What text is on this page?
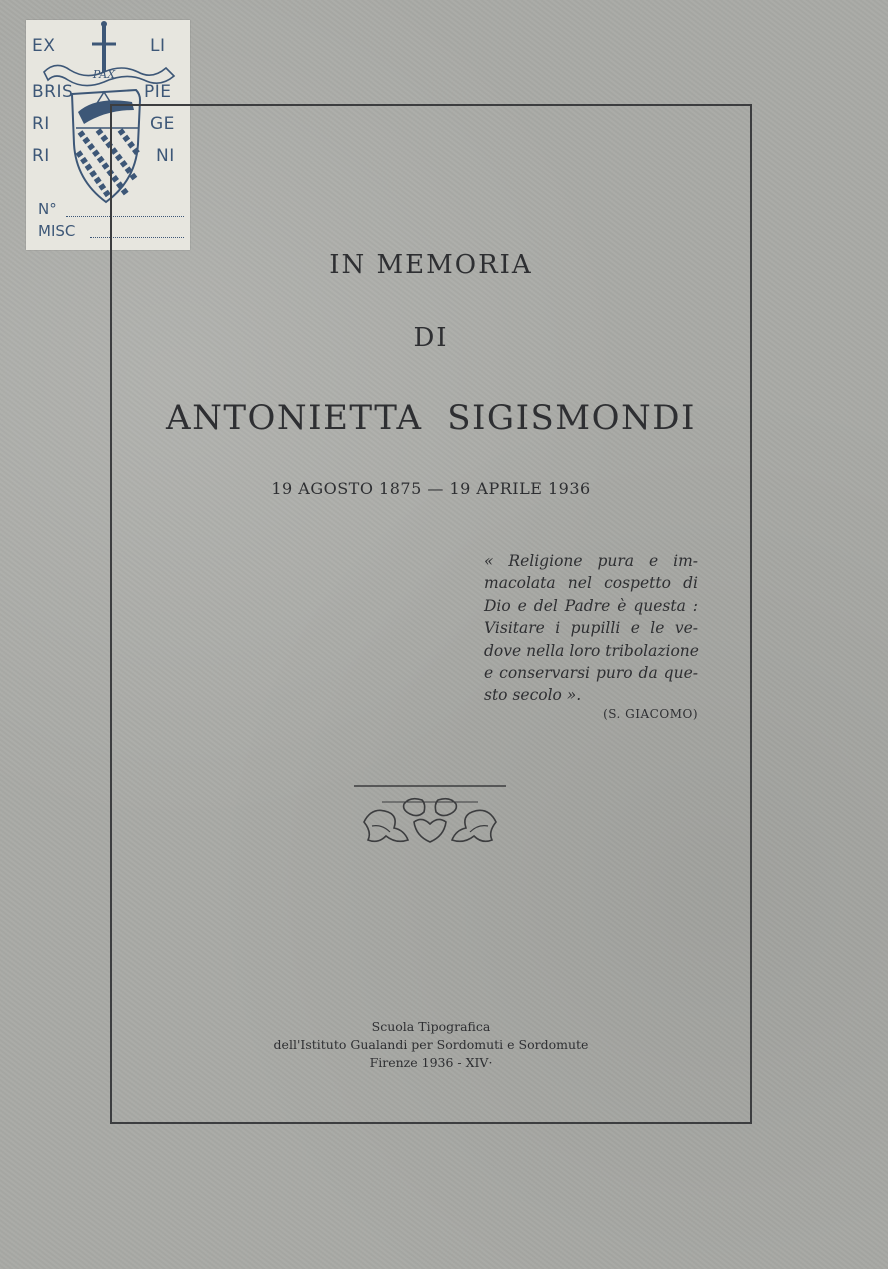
EX	LI
BRIS	PIE
RI	GE
RI	NI
PAX
N°
MISC
IN MEMORIA
DI
ANTONIETTA  SIGISMONDI
19 AGOSTO 1875 — 19 APRILE 1936
« Religione pura e im-
macolata nel cospetto di
Dio e del Padre è questa :
Visitare i pupilli e le ve-
dove nella loro tribolazione
e conservarsi puro da que-
sto secolo ».
(S. GIACOMO)
Scuola Tipografica
dell'Istituto Gualandi per Sordomuti e Sordomute
Firenze 1936 - XIV·
